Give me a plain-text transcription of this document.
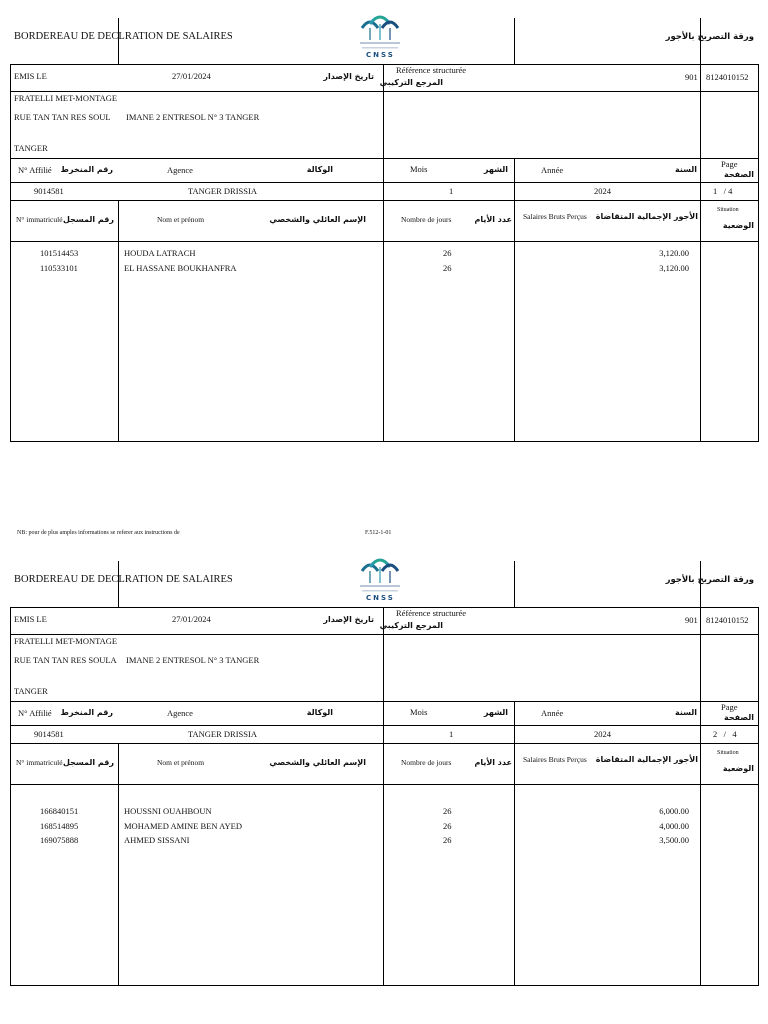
BORDEREAU DE DECLRATION DE SALAIRES
CNSS
ورقة التصريح بالأجور
EMIS LE	27/01/2024	تاريخ الإصدار
Référence structurée
المرجع التركيبي
901 8124010152
FRATELLI MET-MONTAGE
RUE TAN TAN RES SOUL IMANE 2 ENTRESOL N° 3 TANGER
TANGER
N° Affilié رقم المنخرط	Agence	الوكالة	Mois	الشهر	Année	السنة
Page
الصفحة
9014581	TANGER DRISSIA	1	2024	1   / 4
N° immatriculé رقم المسجل	Nom et prénom	الإسم العائلي والشخصي	Nombre de jours	عدد الأيام Salaires Bruts Perçus الأجور الإجمالية المتقاضاة
Situation
الوضعية
101514453	HOUDA LATRACH	26	3,120.00
110533101	EL HASSANE BOUKHANFRA	26	3,120.00
NB: pour de plus amples informations se referer aux instructions de	F.512-1-01
BORDEREAU DE DECLRATION DE SALAIRES
CNSS
ورقة التصريح بالأجور
EMIS LE	27/01/2024	تاريخ الإصدار
Référence structurée
المرجع التركيبي
901 8124010152
FRATELLI MET-MONTAGE
RUE TAN TAN RES SOULA IMANE 2 ENTRESOL N° 3 TANGER
TANGER
N° Affilié رقم المنخرط	Agence	الوكالة	Mois	الشهر	Année	السنة
Page
الصفحة
9014581	TANGER DRISSIA	1	2024	2   /   4
N° immatriculé رقم المسجل	Nom et prénom	الإسم العائلي والشخصي	Nombre de jours	عدد الأيام Salaires Bruts Perçus الأجور الإجمالية المتقاضاة
Situation
الوضعية
166840151	HOUSSNI OUAHBOUN	26	6,000.00
168514895	MOHAMED AMINE BEN AYED	26	4,000.00
169075888	AHMED SISSANI	26	3,500.00
